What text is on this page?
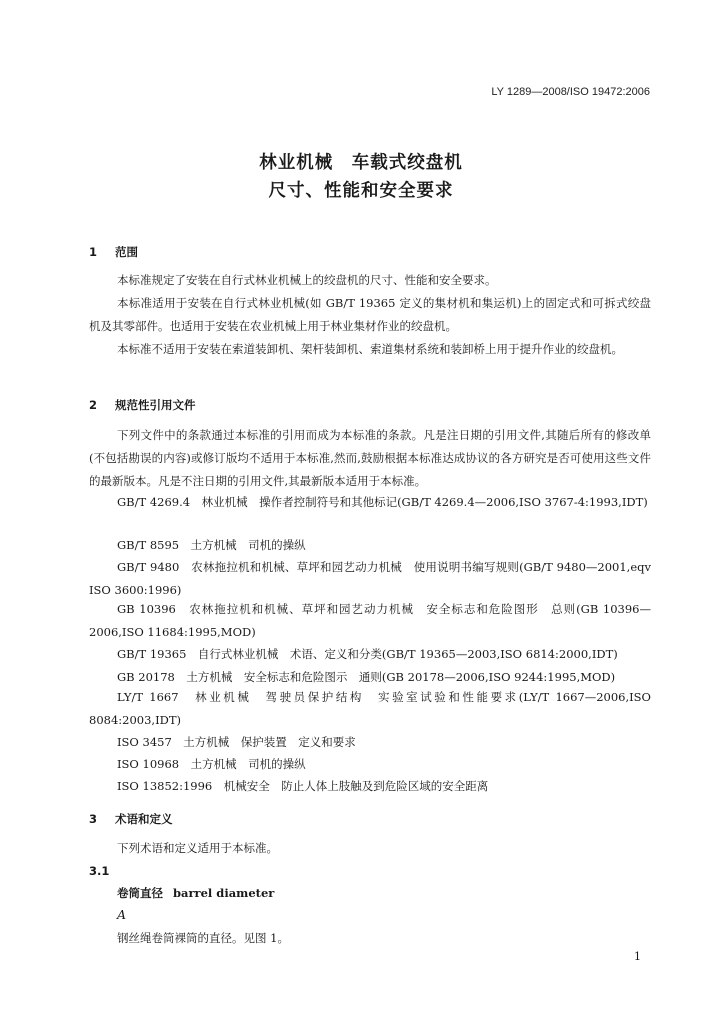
LY 1289—2008/ISO 19472:2006
林业机械　车载式绞盘机
尺寸、性能和安全要求
1 范围

本标准规定了安装在自行式林业机械上的绞盘机的尺寸、性能和安全要求。

本标准适用于安装在自行式林业机械(如 GB/T 19365 定义的集材机和集运机)上的固定式和可拆式绞盘机及其零部件。也适用于安装在农业机械上用于林业集材作业的绞盘机。

本标准不适用于安装在索道装卸机、架杆装卸机、索道集材系统和装卸桥上用于提升作业的绞盘机。

2 规范性引用文件

下列文件中的条款通过本标准的引用而成为本标准的条款。凡是注日期的引用文件,其随后所有的修改单(不包括勘误的内容)或修订版均不适用于本标准,然而,鼓励根据本标准达成协议的各方研究是否可使用这些文件的最新版本。凡是不注日期的引用文件,其最新版本适用于本标准。

GB/T 4269.4　林业机械　操作者控制符号和其他标记(GB/T 4269.4—2006,ISO 3767-4:1993,IDT)

GB/T 8595　土方机械　司机的操纵

GB/T 9480　农林拖拉机和机械、草坪和园艺动力机械　使用说明书编写规则(GB/T 9480—2001,eqv ISO 3600:1996)

GB 10396　农林拖拉机和机械、草坪和园艺动力机械　安全标志和危险图形　总则(GB 10396—2006,ISO 11684:1995,MOD)

GB/T 19365　自行式林业机械　术语、定义和分类(GB/T 19365—2003,ISO 6814:2000,IDT)
GB 20178　土方机械　安全标志和危险图示　通则(GB 20178—2006,ISO 9244:1995,MOD)

LY/T 1667　林业机械　驾驶员保护结构　实验室试验和性能要求(LY/T 1667—2006,ISO 8084:2003,IDT)

ISO 3457　土方机械　保护装置　定义和要求
ISO 10968　土方机械　司机的操纵
ISO 13852:1996　机械安全　防止人体上肢触及到危险区域的安全距离
3 术语和定义
下列术语和定义适用于本标准。
3.1
卷筒直径 barrel diameter
A
钢丝绳卷筒裸筒的直径。见图 1。
1
